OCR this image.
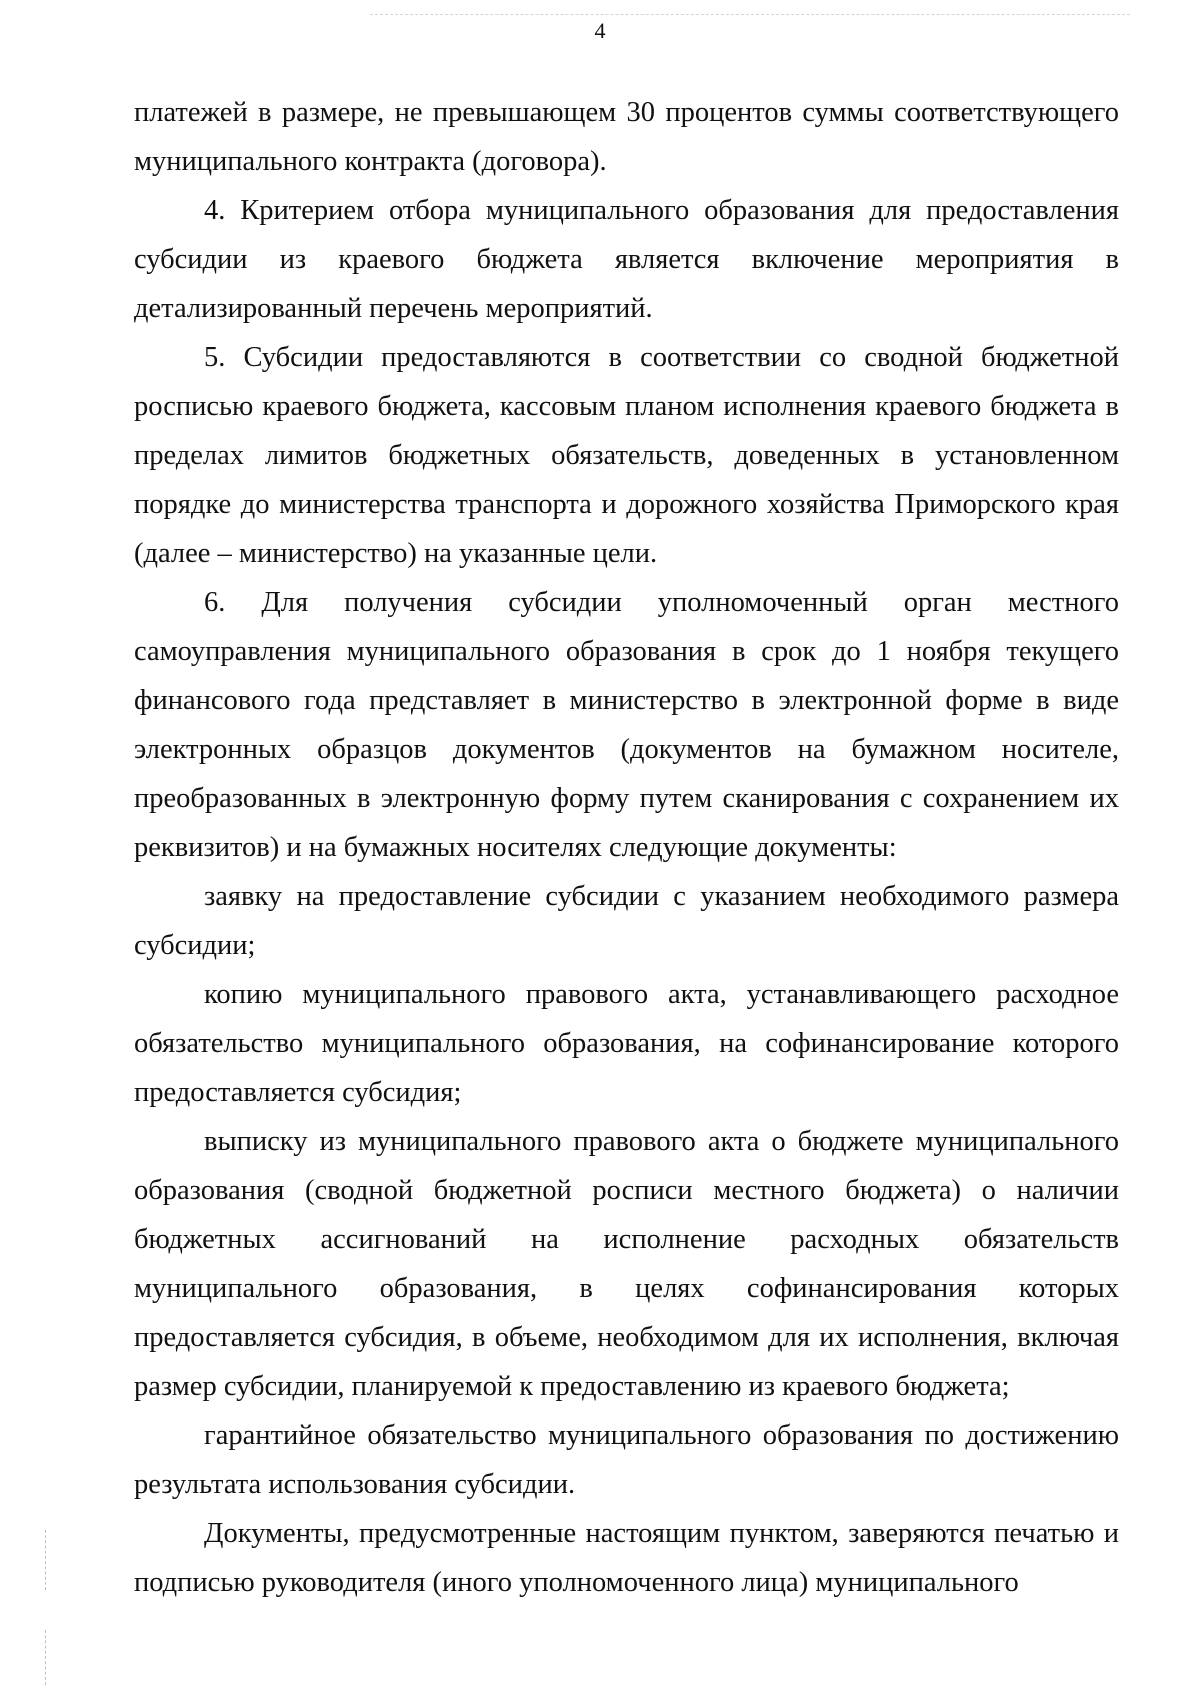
4

платежей в размере, не превышающем 30 процентов суммы соответствующего муниципального контракта (договора).

4. Критерием отбора муниципального образования для предоставления субсидии из краевого бюджета является включение мероприятия в детализированный перечень мероприятий.

5. Субсидии предоставляются в соответствии со сводной бюджетной росписью краевого бюджета, кассовым планом исполнения краевого бюджета в пределах лимитов бюджетных обязательств, доведенных в установленном порядке до министерства транспорта и дорожного хозяйства Приморского края (далее – министерство) на указанные цели.

6. Для получения субсидии уполномоченный орган местного самоуправления муниципального образования в срок до 1 ноября текущего финансового года представляет в министерство в электронной форме в виде электронных образцов документов (документов на бумажном носителе, преобразованных в электронную форму путем сканирования с сохранением их реквизитов) и на бумажных носителях следующие документы:

заявку на предоставление субсидии с указанием необходимого размера субсидии;

копию муниципального правового акта, устанавливающего расходное обязательство муниципального образования, на софинансирование которого предоставляется субсидия;

выписку из муниципального правового акта о бюджете муниципального образования (сводной бюджетной росписи местного бюджета) о наличии бюджетных ассигнований на исполнение расходных обязательств муниципального образования, в целях софинансирования которых предоставляется субсидия, в объеме, необходимом для их исполнения, включая размер субсидии, планируемой к предоставлению из краевого бюджета;

гарантийное обязательство муниципального образования по достижению результата использования субсидии.

Документы, предусмотренные настоящим пунктом, заверяются печатью и подписью руководителя (иного уполномоченного лица) муниципального
